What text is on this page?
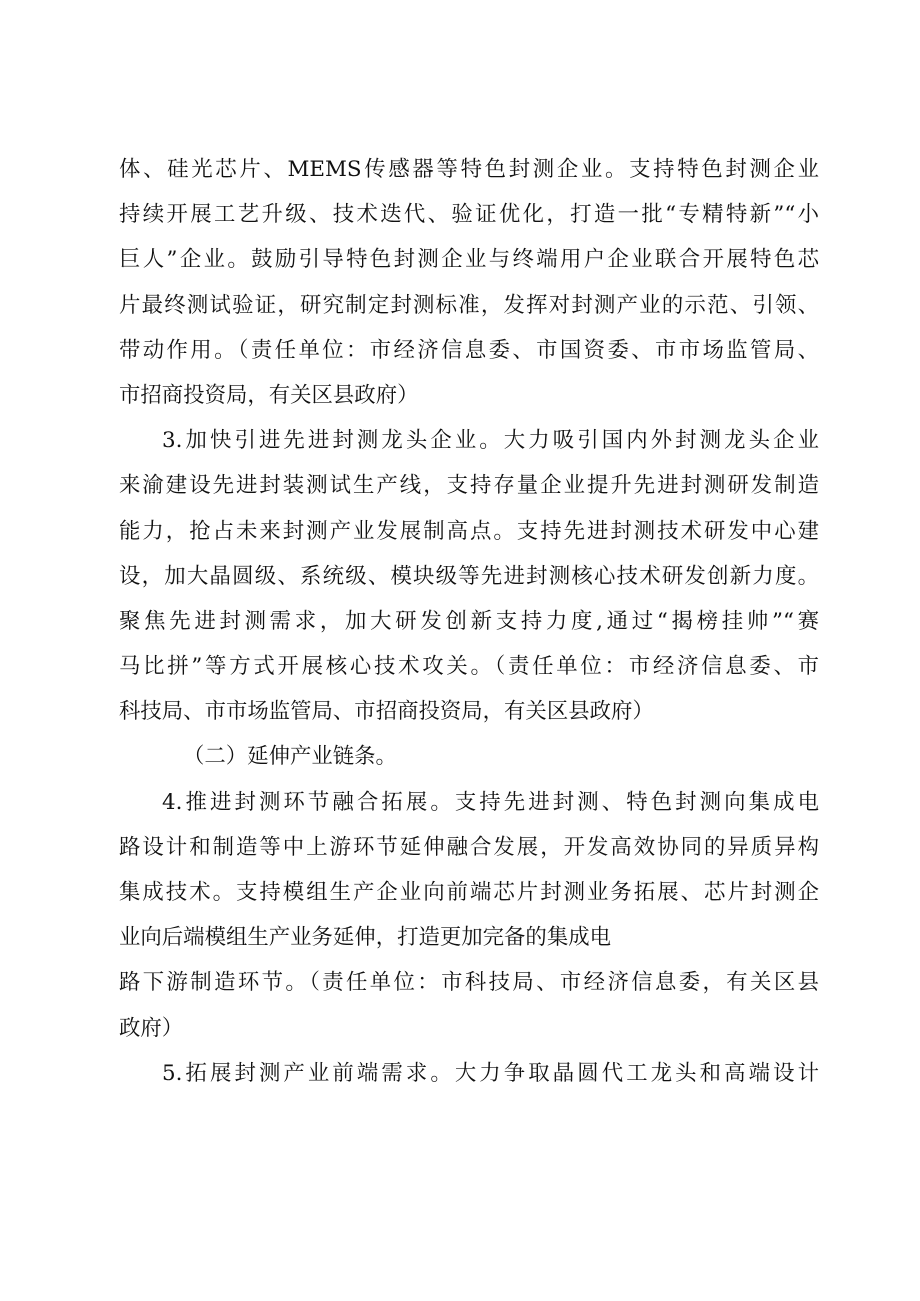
体、硅光芯片、MEMS传感器等特色封测企业。支持特色封测企业
持续开展工艺升级、技术迭代、验证优化，打造一批“专精特新”“小
巨人”企业。鼓励引导特色封测企业与终端用户企业联合开展特色芯
片最终测试验证，研究制定封测标准，发挥对封测产业的示范、引领、
带动作用。（责任单位：市经济信息委、市国资委、市市场监管局、
市招商投资局，有关区县政府）
3.加快引进先进封测龙头企业。大力吸引国内外封测龙头企业
来渝建设先进封装测试生产线，支持存量企业提升先进封测研发制造
能力，抢占未来封测产业发展制高点。支持先进封测技术研发中心建
设，加大晶圆级、系统级、模块级等先进封测核心技术研发创新力度。
聚焦先进封测需求，加大研发创新支持力度,通过“揭榜挂帅”“赛
马比拼”等方式开展核心技术攻关。（责任单位：市经济信息委、市
科技局、市市场监管局、市招商投资局，有关区县政府）
（二）延伸产业链条。
4.推进封测环节融合拓展。支持先进封测、特色封测向集成电
路设计和制造等中上游环节延伸融合发展，开发高效协同的异质异构
集成技术。支持模组生产企业向前端芯片封测业务拓展、芯片封测企
业向后端模组生产业务延伸，打造更加完备的集成电
路下游制造环节。（责任单位：市科技局、市经济信息委，有关区县
政府）
5.拓展封测产业前端需求。大力争取晶圆代工龙头和高端设计
